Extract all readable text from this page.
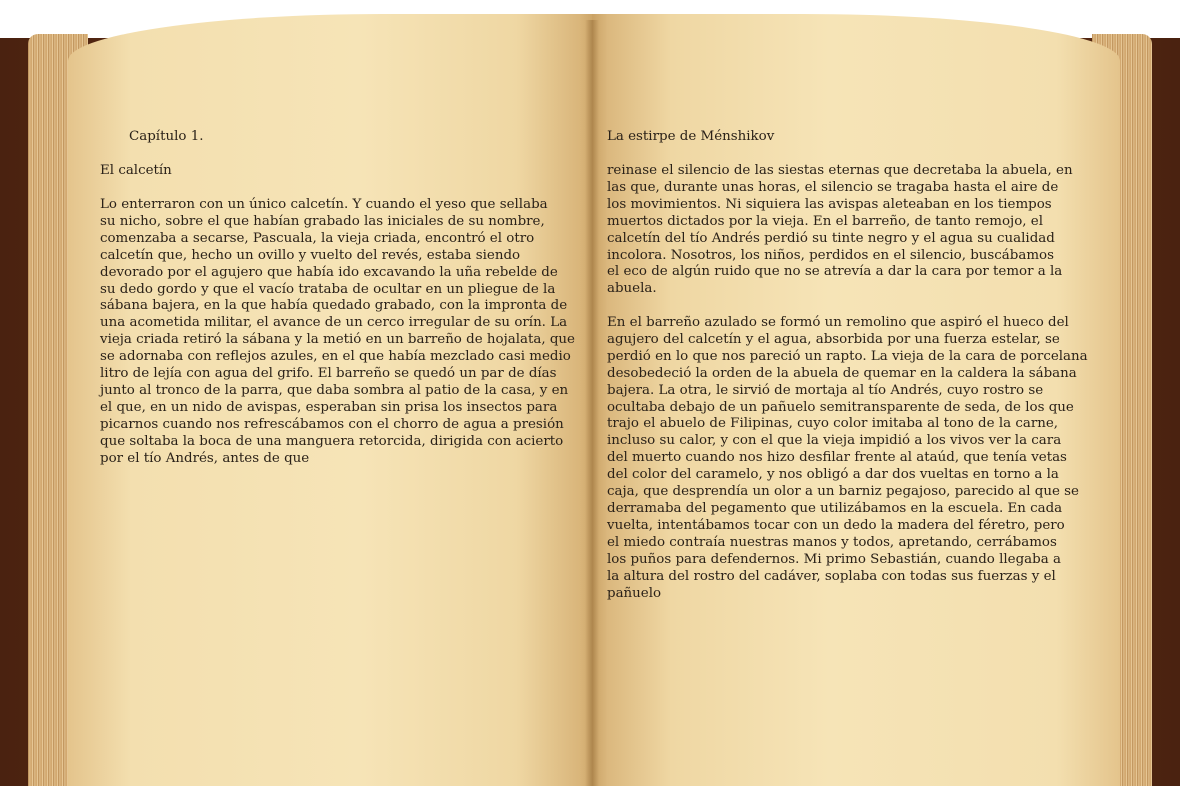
Capítulo 1.
El calcetín
Lo enterraron con un único calcetín. Y cuando el yeso que sellaba
su nicho, sobre el que habían grabado las iniciales de su nombre,
comenzaba a secarse, Pascuala, la vieja criada, encontró el otro
calcetín que, hecho un ovillo y vuelto del revés, estaba siendo
devorado por el agujero que había ido excavando la uña rebelde de
su dedo gordo y que el vacío trataba de ocultar en un pliegue de la
sábana bajera, en la que había quedado grabado, con la impronta de
una acometida militar, el avance de un cerco irregular de su orín. La
vieja criada retiró la sábana y la metió en un barreño de hojalata, que
se adornaba con reflejos azules, en el que había mezclado casi medio
litro de lejía con agua del grifo. El barreño se quedó un par de días
junto al tronco de la parra, que daba sombra al patio de la casa, y en
el que, en un nido de avispas, esperaban sin prisa los insectos para
picarnos cuando nos refrescábamos con el chorro de agua a presión
que soltaba la boca de una manguera retorcida, dirigida con acierto
por el tío Andrés, antes de que
La estirpe de Ménshikov
reinase el silencio de las siestas eternas que decretaba la abuela, en
las que, durante unas horas, el silencio se tragaba hasta el aire de
los movimientos. Ni siquiera las avispas aleteaban en los tiempos
muertos dictados por la vieja. En el barreño, de tanto remojo, el
calcetín del tío Andrés perdió su tinte negro y el agua su cualidad
incolora. Nosotros, los niños, perdidos en el silencio, buscábamos
el eco de algún ruido que no se atrevía a dar la cara por temor a la
abuela.
En el barreño azulado se formó un remolino que aspiró el hueco del
agujero del calcetín y el agua, absorbida por una fuerza estelar, se
perdió en lo que nos pareció un rapto. La vieja de la cara de porcelana
desobedeció la orden de la abuela de quemar en la caldera la sábana
bajera. La otra, le sirvió de mortaja al tío Andrés, cuyo rostro se
ocultaba debajo de un pañuelo semitransparente de seda, de los que
trajo el abuelo de Filipinas, cuyo color imitaba al tono de la carne,
incluso su calor, y con el que la vieja impidió a los vivos ver la cara
del muerto cuando nos hizo desfilar frente al ataúd, que tenía vetas
del color del caramelo, y nos obligó a dar dos vueltas en torno a la
caja, que desprendía un olor a un barniz pegajoso, parecido al que se
derramaba del pegamento que utilizábamos en la escuela. En cada
vuelta, intentábamos tocar con un dedo la madera del féretro, pero
el miedo contraía nuestras manos y todos, apretando, cerrábamos
los puños para defendernos. Mi primo Sebastián, cuando llegaba a
la altura del rostro del cadáver, soplaba con todas sus fuerzas y el
pañuelo
